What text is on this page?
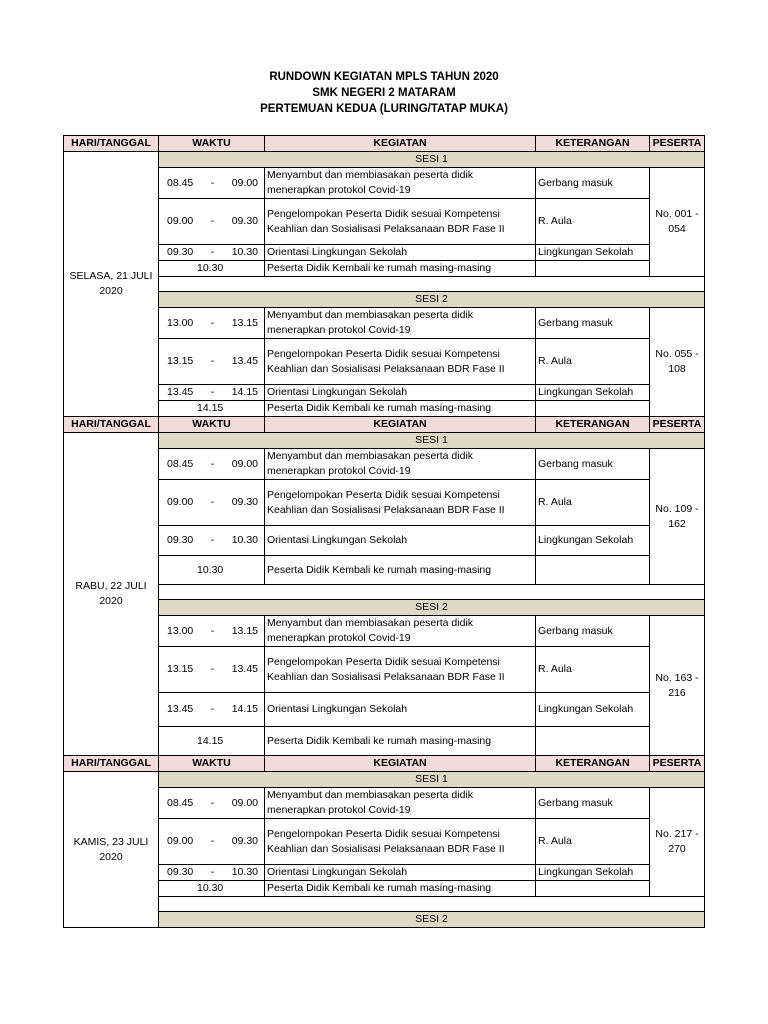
RUNDOWN KEGIATAN MPLS TAHUN 2020
SMK NEGERI 2 MATARAM
PERTEMUAN KEDUA (LURING/TATAP MUKA)
HARI/TANGGAL	WAKTU	KEGIATAN	KETERANGAN	PESERTA
SELASA, 21 JULI 2020	SESI 1			

	08.45 - 09.00	Menyambut dan membiasakan peserta didik menerapkan protokol Covid-19	Gerbang masuk	No. 001 - 054

	09.00 - 09.30	Pengelompokan Peserta Didik sesuai Kompetensi Keahlian dan Sosialisasi Pelaksanaan BDR Fase II	R. Aula	

	09.30 - 10.30	Orientasi Lingkungan Sekolah	Lingkungan Sekolah	

	10.30	Peserta Didik Kembali ke rumah masing-masing		

	SESI 2			

	13.00 - 13.15	Menyambut dan membiasakan peserta didik menerapkan protokol Covid-19	Gerbang masuk	No. 055 - 108

	13.15 - 13.45	Pengelompokan Peserta Didik sesuai Kompetensi Keahlian dan Sosialisasi Pelaksanaan BDR Fase II	R. Aula	

	13.45 - 14.15	Orientasi Lingkungan Sekolah	Lingkungan Sekolah	

	14.15	Peserta Didik Kembali ke rumah masing-masing		
HARI/TANGGAL	WAKTU	KEGIATAN	KETERANGAN	PESERTA
RABU, 22 JULI 2020	SESI 1			

	08.45 - 09.00	Menyambut dan membiasakan peserta didik menerapkan protokol Covid-19	Gerbang masuk	No. 109 - 162

	09.00 - 09.30	Pengelompokan Peserta Didik sesuai Kompetensi Keahlian dan Sosialisasi Pelaksanaan BDR Fase II	R. Aula	

	09.30 - 10.30	Orientasi Lingkungan Sekolah	Lingkungan Sekolah	

	10.30	Peserta Didik Kembali ke rumah masing-masing		

	SESI 2			

	13.00 - 13.15	Menyambut dan membiasakan peserta didik menerapkan protokol Covid-19	Gerbang masuk	No. 163 - 216

	13.15 - 13.45	Pengelompokan Peserta Didik sesuai Kompetensi Keahlian dan Sosialisasi Pelaksanaan BDR Fase II	R. Aula	

	13.45 - 14.15	Orientasi Lingkungan Sekolah	Lingkungan Sekolah	

	14.15	Peserta Didik Kembali ke rumah masing-masing		
HARI/TANGGAL	WAKTU	KEGIATAN	KETERANGAN	PESERTA
KAMIS, 23 JULI 2020	SESI 1			

	08.45 - 09.00	Menyambut dan membiasakan peserta didik menerapkan protokol Covid-19	Gerbang masuk	No. 217 - 270

	09.00 - 09.30	Pengelompokan Peserta Didik sesuai Kompetensi Keahlian dan Sosialisasi Pelaksanaan BDR Fase II	R. Aula	

	09.30 - 10.30	Orientasi Lingkungan Sekolah	Lingkungan Sekolah	

	10.30	Peserta Didik Kembali ke rumah masing-masing		

	SESI 2			
